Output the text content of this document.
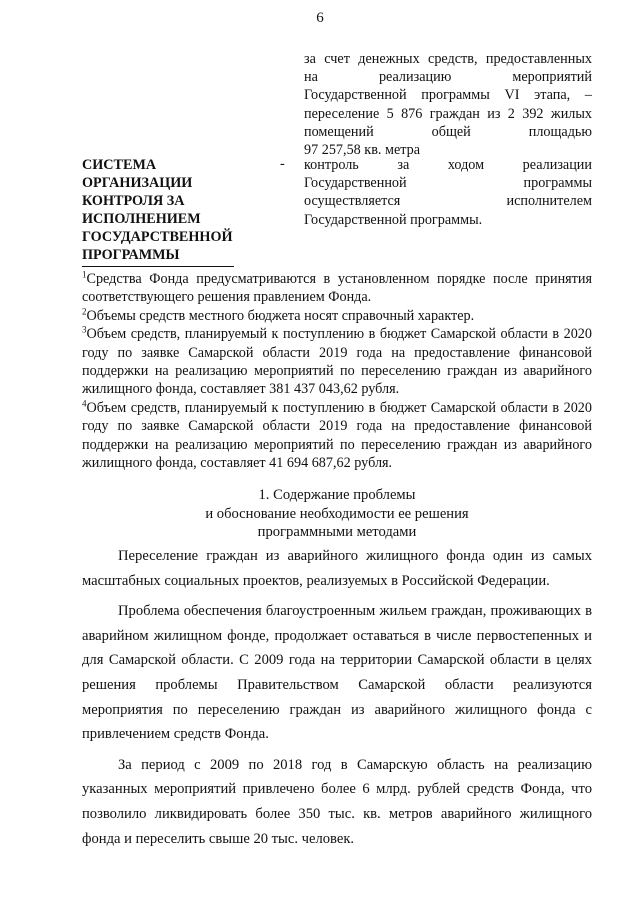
6
за счет денежных средств, предоставленных
на реализацию мероприятий
Государственной программы VI этапа, –
переселение 5 876 граждан из 2 392 жилых
помещений общей площадью
97 257,58 кв. метра
СИСТЕМА ОРГАНИЗАЦИИ КОНТРОЛЯ ЗА ИСПОЛНЕНИЕМ ГОСУДАРСТВЕННОЙ ПРОГРАММЫ
- контроль за ходом реализации
Государственной программы
осуществляется исполнителем
Государственной программы.

$^1$Средства Фонда предусматриваются в установленном порядке после принятия соответствующего решения правлением Фонда.

$^2$Объемы средств местного бюджета носят справочный характер.

$^3$Объем средств, планируемый к поступлению в бюджет Самарской области в 2020 году по заявке Самарской области 2019 года на предоставление финансовой поддержки на реализацию мероприятий по переселению граждан из аварийного жилищного фонда, составляет 381 437 043,62 рубля.

$^4$Объем средств, планируемый к поступлению в бюджет Самарской области в 2020 году по заявке Самарской области 2019 года на предоставление финансовой поддержки на реализацию мероприятий по переселению граждан из аварийного жилищного фонда, составляет 41 694 687,62 рубля.

1. Содержание проблемы
и обоснование необходимости ее решения
программными методами

Переселение граждан из аварийного жилищного фонда один из самых масштабных социальных проектов, реализуемых в Российской Федерации.

Проблема обеспечения благоустроенным жильем граждан, проживающих в аварийном жилищном фонде, продолжает оставаться в числе первостепенных и для Самарской области. С 2009 года на территории Самарской области в целях решения проблемы Правительством Самарской области реализуются мероприятия по переселению граждан из аварийного жилищного фонда с привлечением средств Фонда.

За период с 2009 по 2018 год в Самарскую область на реализацию указанных мероприятий привлечено более 6 млрд. рублей средств Фонда, что позволило ликвидировать более 350 тыс. кв. метров аварийного жилищного фонда и переселить свыше 20 тыс. человек.
